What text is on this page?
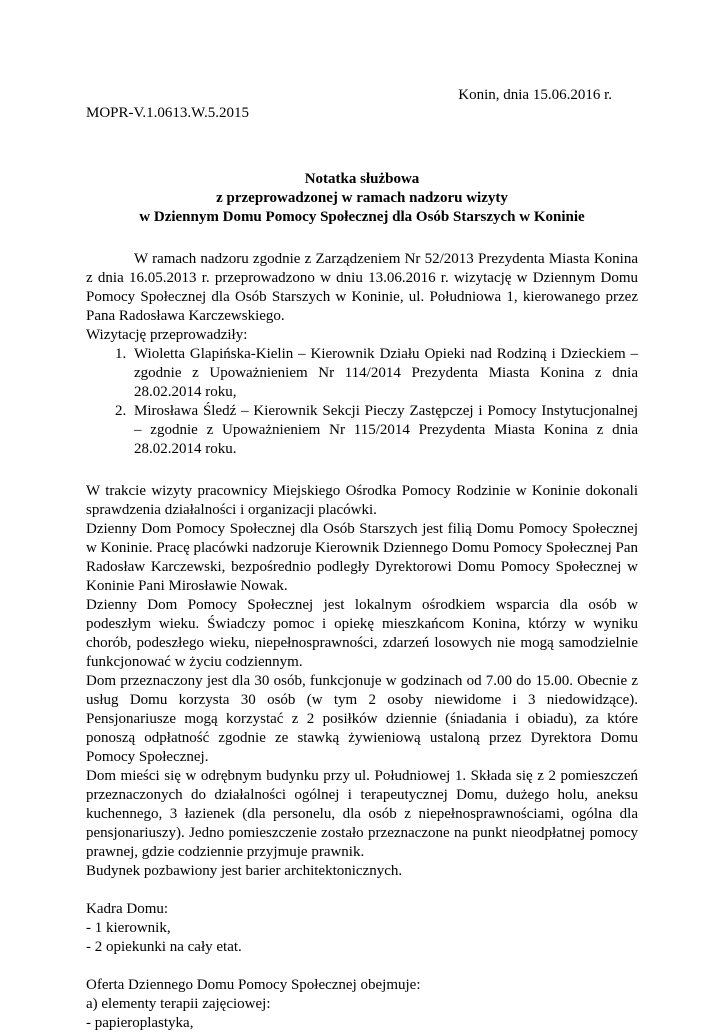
Konin, dnia 15.06.2016 r.

MOPR-V.1.0613.W.5.2015

Notatka służbowa
z przeprowadzonej w ramach nadzoru wizyty
w Dziennym Domu Pomocy Społecznej dla Osób Starszych w Koninie

W ramach nadzoru zgodnie z Zarządzeniem Nr 52/2013 Prezydenta Miasta Konina z dnia 16.05.2013 r. przeprowadzono w dniu 13.06.2016 r. wizytację w Dziennym Domu Pomocy Społecznej dla Osób Starszych w Koninie, ul. Południowa 1, kierowanego przez Pana Radosława Karczewskiego.

Wizytację przeprowadziły:

1. Wioletta Glapińska-Kielin – Kierownik Działu Opieki nad Rodziną i Dzieckiem – zgodnie z Upoważnieniem Nr 114/2014 Prezydenta Miasta Konina z dnia 28.02.2014 roku,
2. Mirosława Śledź – Kierownik Sekcji Pieczy Zastępczej i Pomocy Instytucjonalnej – zgodnie z Upoważnieniem Nr 115/2014 Prezydenta Miasta Konina z dnia 28.02.2014 roku.

W trakcie wizyty pracownicy Miejskiego Ośrodka Pomocy Rodzinie w Koninie dokonali sprawdzenia działalności i organizacji placówki.

Dzienny Dom Pomocy Społecznej dla Osób Starszych jest filią Domu Pomocy Społecznej w Koninie. Pracę placówki nadzoruje Kierownik Dziennego Domu Pomocy Społecznej Pan Radosław Karczewski, bezpośrednio podległy Dyrektorowi Domu Pomocy Społecznej w Koninie Pani Mirosławie Nowak.

Dzienny Dom Pomocy Społecznej jest lokalnym ośrodkiem wsparcia dla osób w podeszłym wieku. Świadczy pomoc i opiekę mieszkańcom Konina, którzy w wyniku chorób, podeszłego wieku, niepełnosprawności, zdarzeń losowych nie mogą samodzielnie funkcjonować w życiu codziennym.

Dom przeznaczony jest dla 30 osób, funkcjonuje w godzinach od 7.00 do 15.00. Obecnie z usług Domu korzysta 30 osób (w tym 2 osoby niewidome i 3 niedowidzące). Pensjonariusze mogą korzystać z 2 posiłków dziennie (śniadania i obiadu), za które ponoszą odpłatność zgodnie ze stawką żywieniową ustaloną przez Dyrektora Domu Pomocy Społecznej.

Dom mieści się w odrębnym budynku przy ul. Południowej 1. Składa się z 2 pomieszczeń przeznaczonych do działalności ogólnej i terapeutycznej Domu, dużego holu, aneksu kuchennego, 3 łazienek (dla personelu, dla osób z niepełnosprawnościami, ogólna dla pensjonariuszy). Jedno pomieszczenie zostało przeznaczone na punkt nieodpłatnej pomocy prawnej, gdzie codziennie przyjmuje prawnik.

Budynek pozbawiony jest barier architektonicznych.

Kadra Domu:

- 1 kierownik,

- 2 opiekunki na cały etat.

Oferta Dziennego Domu Pomocy Społecznej obejmuje:

a) elementy terapii zajęciowej:

- papieroplastyka,
